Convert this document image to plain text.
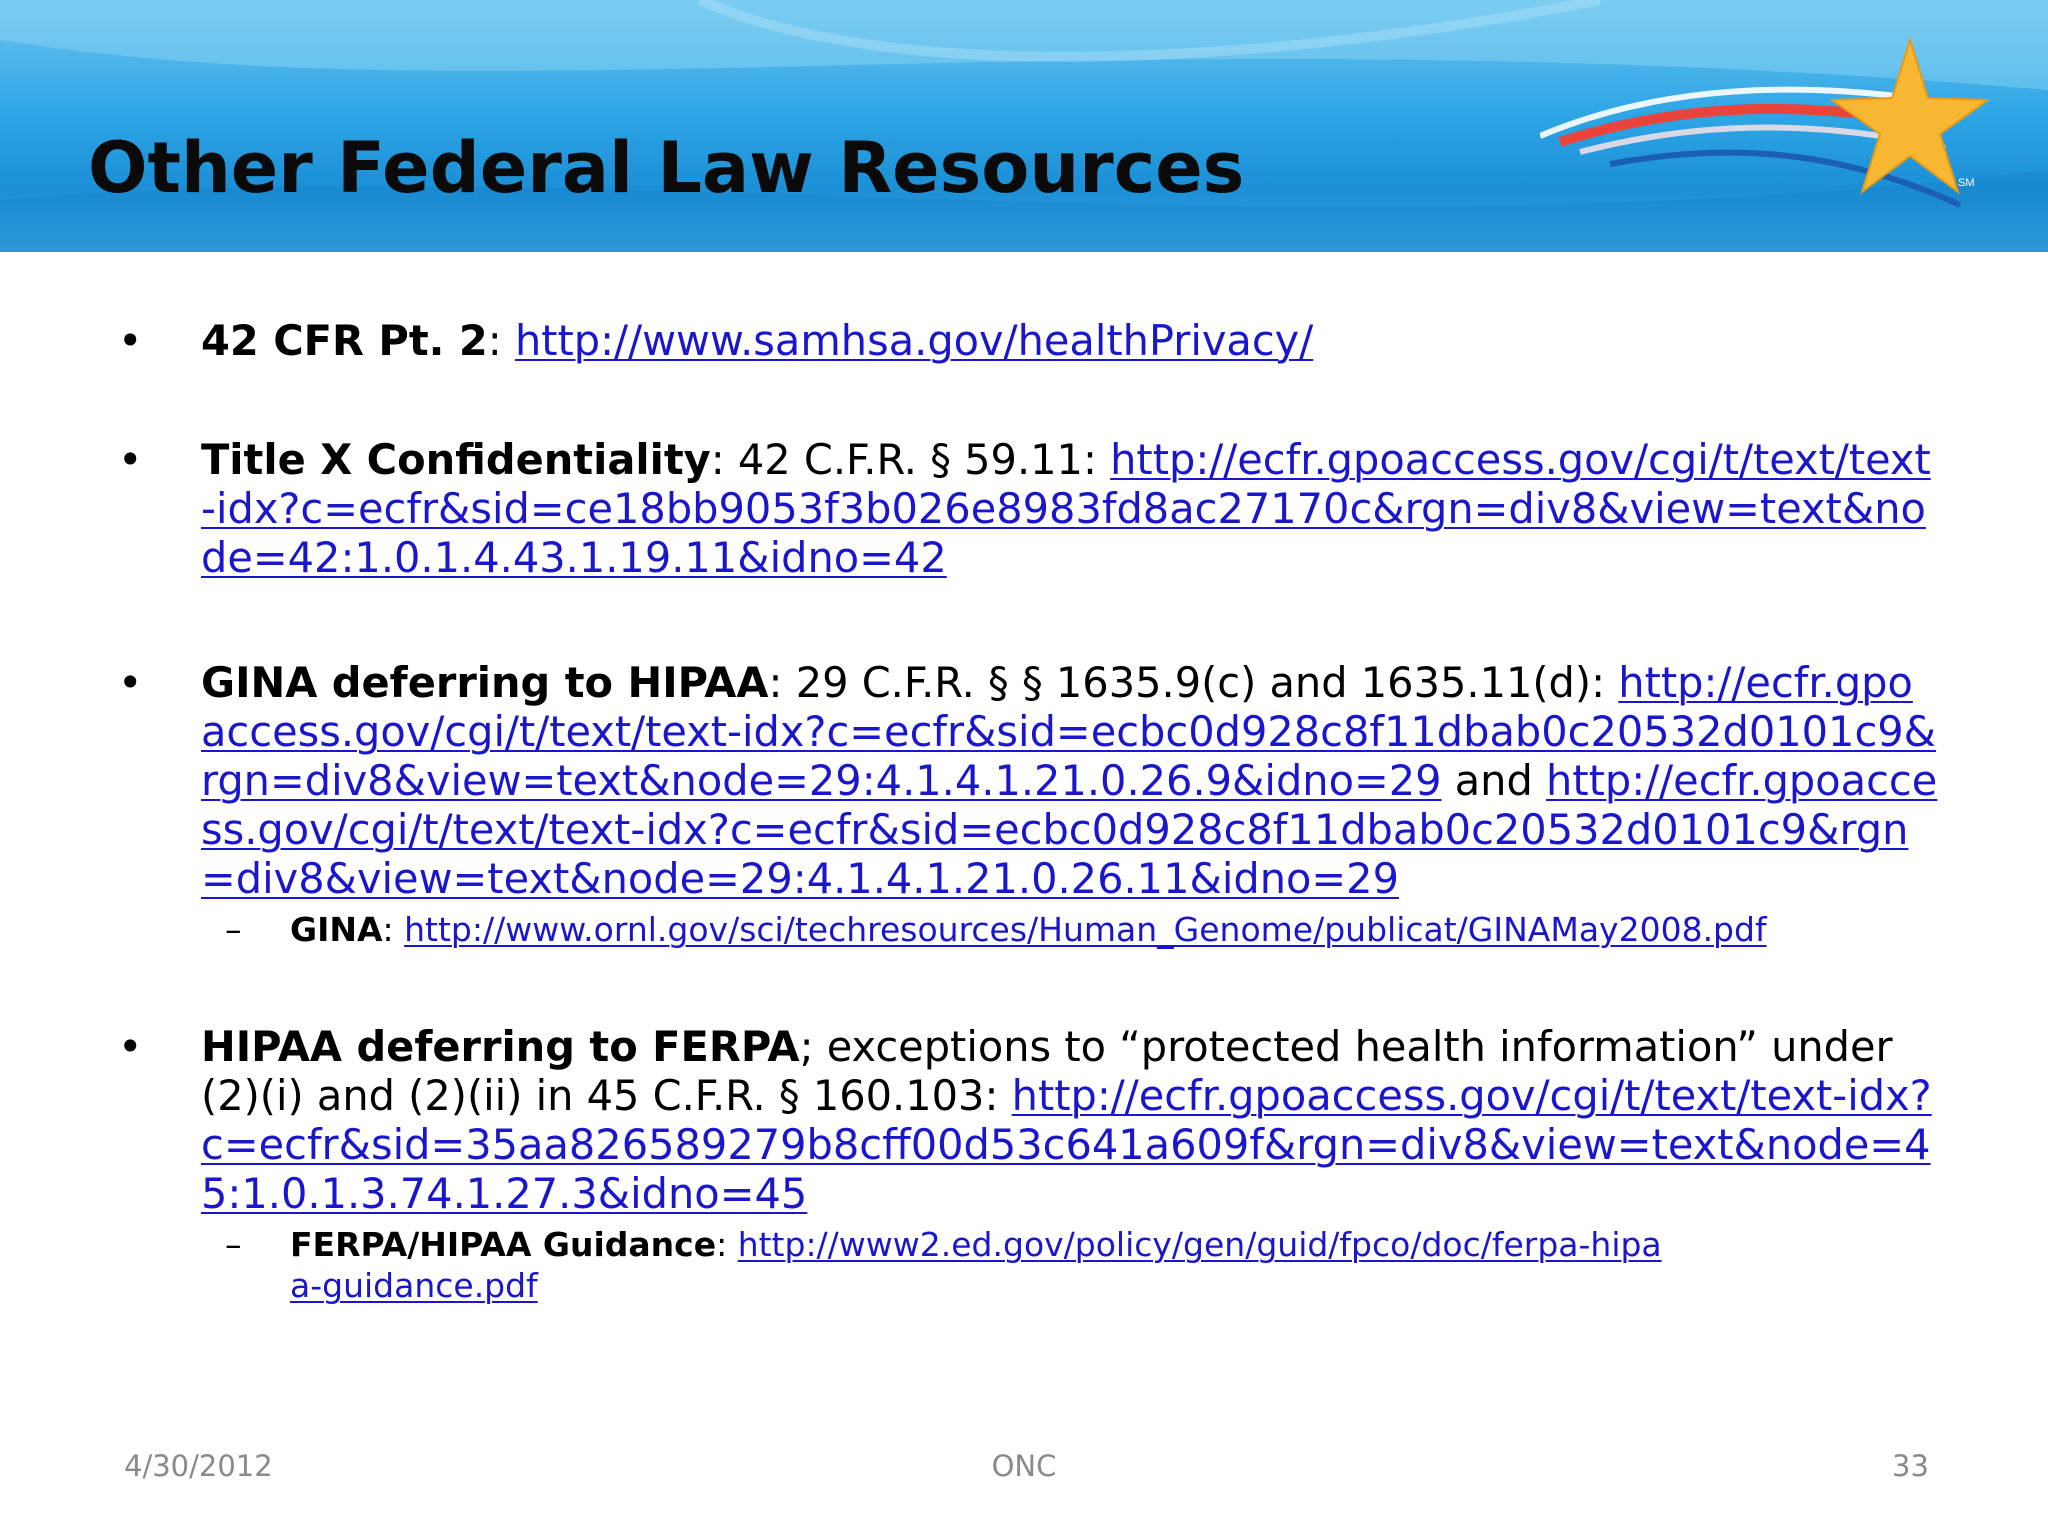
SM
Other Federal Law Resources
• 42 CFR Pt. 2: http://www.samhsa.gov/healthPrivacy/
• Title X Confidentiality: 42 C.F.R. § 59.11: http://ecfr.gpoaccess.gov/cgi/t/text/text-idx?c=ecfr&sid=ce18bb9053f3b026e8983fd8ac27170c&rgn=div8&view=text&node=42:1.0.1.4.43.1.19.11&idno=42
• GINA deferring to HIPAA: 29 C.F.R. § § 1635.9(c) and 1635.11(d): http://ecfr.gpoaccess.gov/cgi/t/text/text-idx?c=ecfr&sid=ecbc0d928c8f11dbab0c20532d0101c9&rgn=div8&view=text&node=29:4.1.4.1.21.0.26.9&idno=29 and http://ecfr.gpoaccess.gov/cgi/t/text/text-idx?c=ecfr&sid=ecbc0d928c8f11dbab0c20532d0101c9&rgn=div8&view=text&node=29:4.1.4.1.21.0.26.11&idno=29
– GINA: http://www.ornl.gov/sci/techresources/Human_Genome/publicat/GINAMay2008.pdf
• HIPAA deferring to FERPA; exceptions to “protected health information” under (2)(i) and (2)(ii) in 45 C.F.R. § 160.103: http://ecfr.gpoaccess.gov/cgi/t/text/text-idx?c=ecfr&sid=35aa826589279b8cff00d53c641a609f&rgn=div8&view=text&node=45:1.0.1.3.74.1.27.3&idno=45
– FERPA/HIPAA Guidance: http://www2.ed.gov/policy/gen/guid/fpco/doc/ferpa-hipaa-guidance.pdf
4/30/2012	ONC	33
